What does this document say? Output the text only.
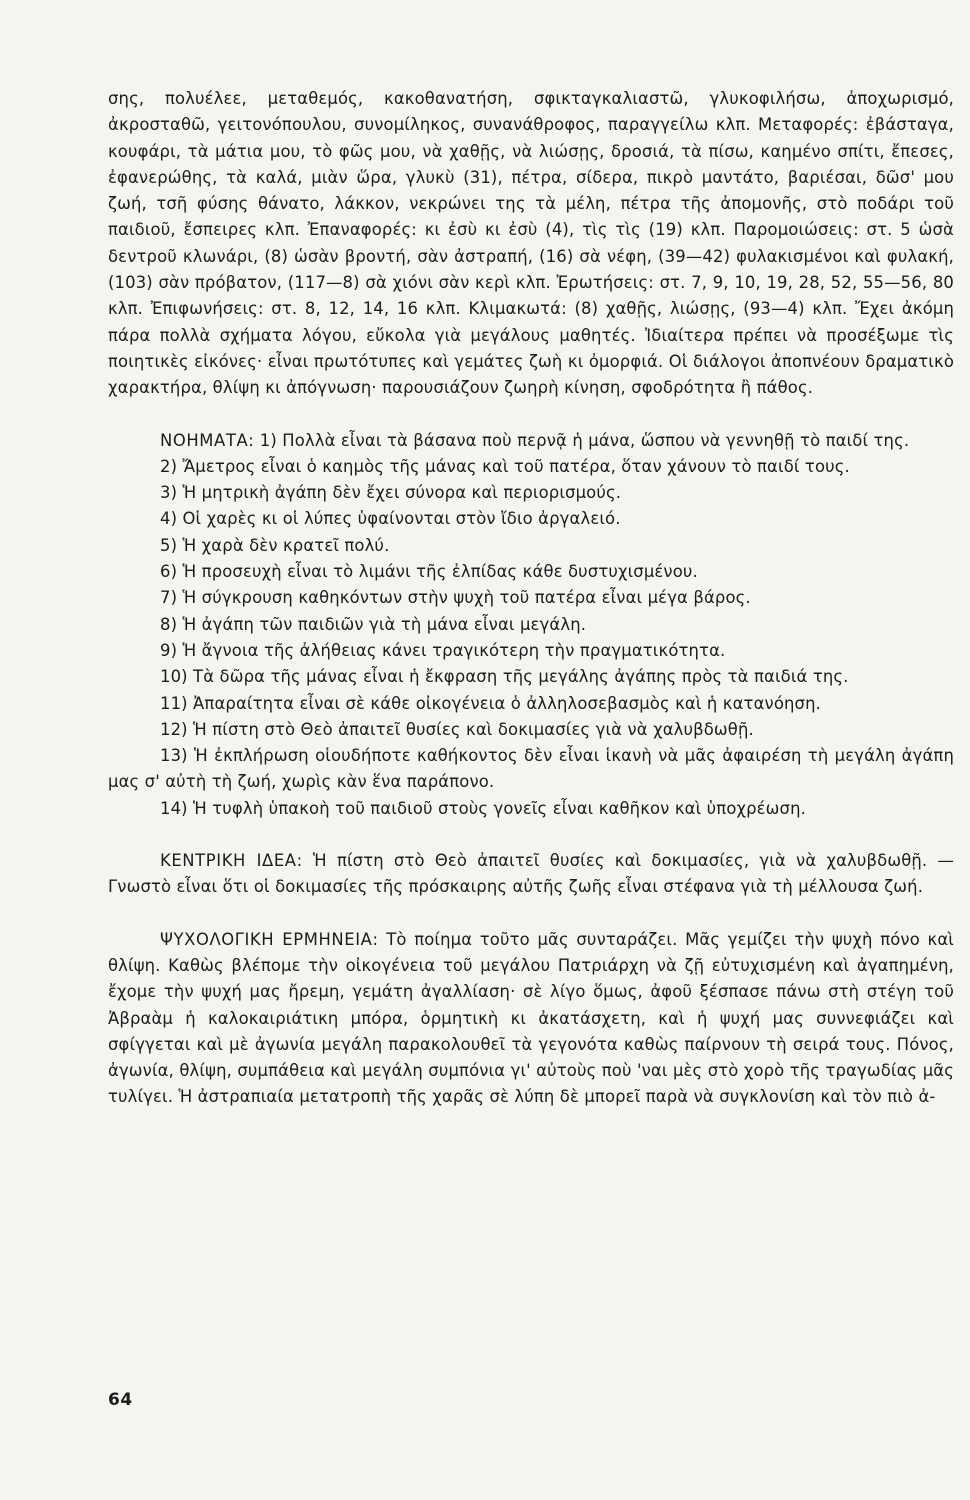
σης, πολυέλεε, μεταθεμός, κακοθανατήση, σφικταγκαλιαστῶ, γλυκοφιλήσω, ἀποχωρισμό, ἀκροσταθῶ, γειτονόπουλου, συνομίληκος, συνανάθροφος, παραγγείλω κλπ. Μεταφορές: ἐβάσταγα, κουφάρι, τὰ μάτια μου, τὸ φῶς μου, νὰ χαθῇς, νὰ λιώσῃς, δροσιά, τὰ πίσω, καημένο σπίτι, ἔπεσες, ἐφανερώθης, τὰ καλά, μιὰν ὥρα, γλυκὺ (31), πέτρα, σίδερα, πικρὸ μαντάτο, βαριέσαι, δῶσ' μου ζωή, τσῆ φύσης θάνατο, λάκκον, νεκρώνει της τὰ μέλη, πέτρα τῆς ἀπομονῆς, στὸ ποδάρι τοῦ παιδιοῦ, ἔσπειρες κλπ. Ἐπαναφορές: κι ἐσὺ κι ἐσὺ (4), τὶς τὶς (19) κλπ. Παρομοιώσεις: στ. 5 ὡσὰ δεντροῦ κλωνάρι, (8) ὡσὰν βροντή, σὰν ἀστραπή, (16) σὰ νέφη, (39—42) φυλακισμένοι καὶ φυλακή, (103) σὰν πρόβατον, (117—8) σὰ χιόνι σὰν κερὶ κλπ. Ἐρωτήσεις: στ. 7, 9, 10, 19, 28, 52, 55—56, 80 κλπ. Ἐπιφωνήσεις: στ. 8, 12, 14, 16 κλπ. Κλιμακωτά: (8) χαθῇς, λιώσῃς, (93—4) κλπ. Ἔχει ἀκόμη πάρα πολλὰ σχήματα λόγου, εὔκολα γιὰ μεγάλους μαθητές. Ἰδιαίτερα πρέπει νὰ προσέξωμε τὶς ποιητικὲς εἰκόνες· εἶναι πρωτότυπες καὶ γεμάτες ζωὴ κι ὀμορφιά. Οἱ διάλογοι ἀποπνέουν δραματικὸ χαρακτήρα, θλίψη κι ἀπόγνωση· παρουσιάζουν ζωηρὴ κίνηση, σφοδρότητα ἢ πάθος.

ΝΟΗΜΑΤΑ: 1) Πολλὰ εἶναι τὰ βάσανα ποὺ περνᾷ ἡ μάνα, ὥσπου νὰ γεννηθῇ τὸ παιδί της.

2) Ἄμετρος εἶναι ὁ καημὸς τῆς μάνας καὶ τοῦ πατέρα, ὅταν χάνουν τὸ παιδί τους.

3) Ἡ μητρικὴ ἀγάπη δὲν ἔχει σύνορα καὶ περιορισμούς.

4) Οἱ χαρὲς κι οἱ λύπες ὑφαίνονται στὸν ἴδιο ἀργαλειό.

5) Ἡ χαρὰ δὲν κρατεῖ πολύ.

6) Ἡ προσευχὴ εἶναι τὸ λιμάνι τῆς ἐλπίδας κάθε δυστυχισμένου.

7) Ἡ σύγκρουση καθηκόντων στὴν ψυχὴ τοῦ πατέρα εἶναι μέγα βάρος.

8) Ἡ ἀγάπη τῶν παιδιῶν γιὰ τὴ μάνα εἶναι μεγάλη.

9) Ἡ ἄγνοια τῆς ἀλήθειας κάνει τραγικότερη τὴν πραγματικότητα.

10) Τὰ δῶρα τῆς μάνας εἶναι ἡ ἔκφραση τῆς μεγάλης ἀγάπης πρὸς τὰ παιδιά της.

11) Ἀπαραίτητα εἶναι σὲ κάθε οἰκογένεια ὁ ἀλληλοσεβασμὸς καὶ ἡ κατανόηση.

12) Ἡ πίστη στὸ Θεὸ ἀπαιτεῖ θυσίες καὶ δοκιμασίες γιὰ νὰ χαλυβδωθῇ.

13) Ἡ ἐκπλήρωση οἱουδήποτε καθήκοντος δὲν εἶναι ἱκανὴ νὰ μᾶς ἀφαιρέση τὴ μεγάλη ἀγάπη μας σ' αὐτὴ τὴ ζωή, χωρὶς κὰν ἕνα παράπονο.

14) Ἡ τυφλὴ ὑπακοὴ τοῦ παιδιοῦ στοὺς γονεῖς εἶναι καθῆκον καὶ ὑποχρέωση.

ΚΕΝΤΡΙΚΗ ΙΔΕΑ: Ἡ πίστη στὸ Θεὸ ἀπαιτεῖ θυσίες καὶ δοκιμασίες, γιὰ νὰ χαλυβδωθῇ. —Γνωστὸ εἶναι ὅτι οἱ δοκιμασίες τῆς πρόσκαιρης αὐτῆς ζωῆς εἶναι στέφανα γιὰ τὴ μέλλουσα ζωή.

ΨΥΧΟΛΟΓΙΚΗ ΕΡΜΗΝΕΙΑ: Τὸ ποίημα τοῦτο μᾶς συνταράζει. Μᾶς γεμίζει τὴν ψυχὴ πόνο καὶ θλίψη. Καθὼς βλέπομε τὴν οἰκογένεια τοῦ μεγάλου Πατριάρχη νὰ ζῇ εὐτυχισμένη καὶ ἀγαπημένη, ἔχομε τὴν ψυχή μας ἤρεμη, γεμάτη ἀγαλλίαση· σὲ λίγο ὅμως, ἀφοῦ ξέσπασε πάνω στὴ στέγη τοῦ Ἀβραὰμ ἡ καλοκαιριάτικη μπόρα, ὁρμητικὴ κι ἀκατάσχετη, καὶ ἡ ψυχή μας συννεφιάζει καὶ σφίγγεται καὶ μὲ ἀγωνία μεγάλη παρακολουθεῖ τὰ γεγονότα καθὼς παίρνουν τὴ σειρά τους. Πόνος, ἀγωνία, θλίψη, συμπάθεια καὶ μεγάλη συμπόνια γι' αὐτοὺς ποὺ 'ναι μὲς στὸ χορὸ τῆς τραγωδίας μᾶς τυλίγει. Ἡ ἀστραπιαία μετατροπὴ τῆς χαρᾶς σὲ λύπη δὲ μπορεῖ παρὰ νὰ συγκλονίση καὶ τὸν πιὸ ἀ-

64
